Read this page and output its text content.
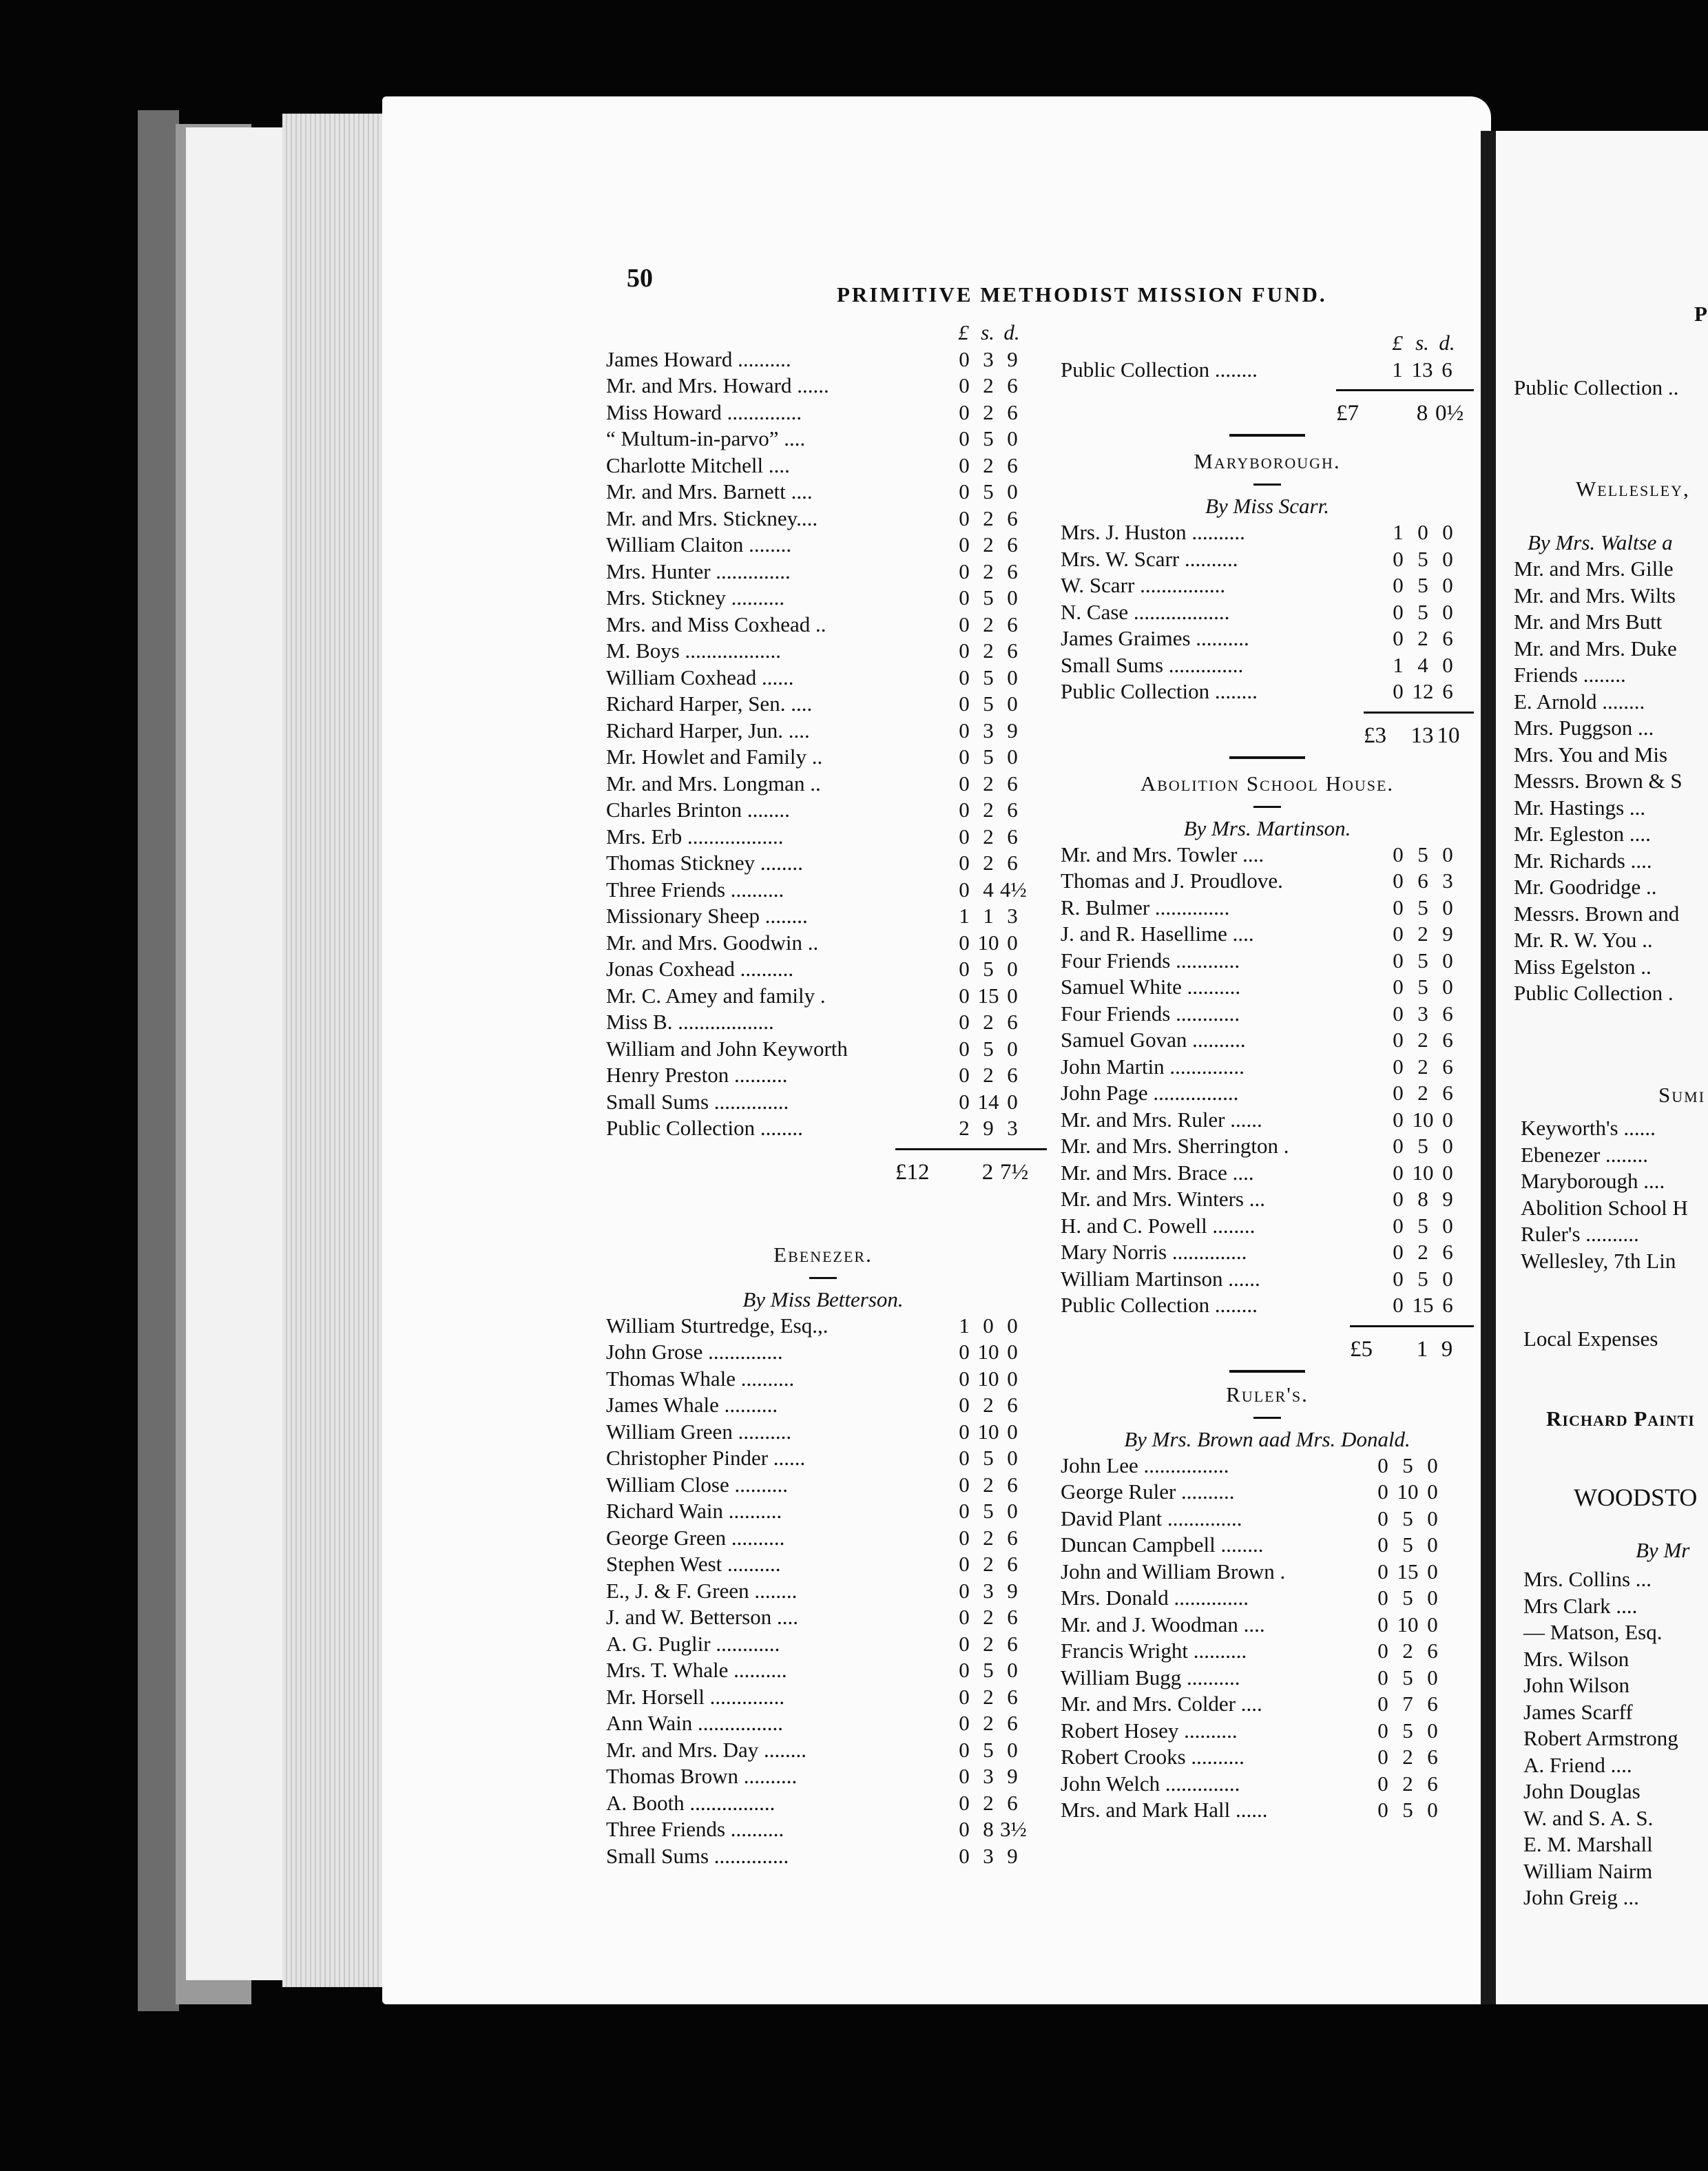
50
PRIMITIVE METHODIST MISSION FUND.
£ s. d.
James Howard ..........	0 3 9
Mr. and Mrs. Howard ......	0 2 6
Miss Howard ..............	0 2 6
“ Multum-in-parvo” ....	0 5 0
Charlotte Mitchell ....	0 2 6
Mr. and Mrs. Barnett ....	0 5 0
Mr. and Mrs. Stickney....	0 2 6
William Claiton ........	0 2 6
Mrs. Hunter ..............	0 2 6
Mrs. Stickney ..........	0 5 0
Mrs. and Miss Coxhead ..	0 2 6
M. Boys ..................	0 2 6
William Coxhead ......	0 5 0
Richard Harper, Sen. ....	0 5 0
Richard Harper, Jun. ....	0 3 9
Mr. Howlet and Family ..	0 5 0
Mr. and Mrs. Longman ..	0 2 6
Charles Brinton ........	0 2 6
Mrs. Erb ..................	0 2 6
Thomas Stickney ........	0 2 6
Three Friends ..........	0 4 4½
Missionary Sheep ........	1 1 3
Mr. and Mrs. Goodwin ..	0 10 0
Jonas Coxhead ..........	0 5 0
Mr. C. Amey and family .	0 15 0
Miss B. ..................	0 2 6
William and John Keyworth	0 5 0
Henry Preston ..........	0 2 6
Small Sums ..............	0 14 0
Public Collection ........	2 9 3
£12 2 7½
Ebenezer.
By Miss Betterson.
William Sturtredge, Esq.,.	1 0 0
John Grose ..............	0 10 0
Thomas Whale ..........	0 10 0
James Whale ..........	0 2 6
William Green ..........	0 10 0
Christopher Pinder ......	0 5 0
William Close ..........	0 2 6
Richard Wain ..........	0 5 0
George Green ..........	0 2 6
Stephen West ..........	0 2 6
E., J. & F. Green ........	0 3 9
J. and W. Betterson ....	0 2 6
A. G. Puglir ............	0 2 6
Mrs. T. Whale ..........	0 5 0
Mr. Horsell ..............	0 2 6
Ann Wain ................	0 2 6
Mr. and Mrs. Day ........	0 5 0
Thomas Brown ..........	0 3 9
A. Booth ................	0 2 6
Three Friends ..........	0 8 3½
Small Sums ..............	0 3 9
£ s. d.
Public Collection ........	1 13 6
£7	8 0½
Maryborough.
By Miss Scarr.
Mrs. J. Huston ..........	1 0 0
Mrs. W. Scarr ..........	0 5 0
W. Scarr ................	0 5 0
N. Case ..................	0 5 0
James Graimes ..........	0 2 6
Small Sums ..............	1 4 0
Public Collection ........	0 12 6
£3 13 10
Abolition School House.
By Mrs. Martinson.
Mr. and Mrs. Towler ....	0 5 0
Thomas and J. Proudlove.	0 6 3
R. Bulmer ..............	0 5 0
J. and R. Hasellime ....	0 2 9
Four Friends ............	0 5 0
Samuel White ..........	0 5 0
Four Friends ............	0 3 6
Samuel Govan ..........	0 2 6
John Martin ..............	0 2 6
John Page ................	0 2 6
Mr. and Mrs. Ruler ......	0 10 0
Mr. and Mrs. Sherrington .	0 5 0
Mr. and Mrs. Brace ....	0 10 0
Mr. and Mrs. Winters ...	0 8 9
H. and C. Powell ........	0 5 0
Mary Norris ..............	0 2 6
William Martinson ......	0 5 0
Public Collection ........	0 15 6
£5 1 9
Ruler's.
By Mrs. Brown aad Mrs. Donald.
John Lee ................	0 5 0
George Ruler ..........	0 10 0
David Plant ..............	0 5 0
Duncan Campbell ........	0 5 0
John and William Brown .	0 15 0
Mrs. Donald ..............	0 5 0
Mr. and J. Woodman ....	0 10 0
Francis Wright ..........	0 2 6
William Bugg ..........	0 5 0
Mr. and Mrs. Colder ....	0 7 6
Robert Hosey ..........	0 5 0
Robert Crooks ..........	0 2 6
John Welch ..............	0 2 6
Mrs. and Mark Hall ......	0 5 0
P
Public Collection ..
Wellesley,
By Mrs. Waltse a
Mr. and Mrs. Gille
Mr. and Mrs. Wilts
Mr. and Mrs Butt
Mr. and Mrs. Duke
Friends ........
E. Arnold ........
Mrs. Puggson ...
Mrs. You and Mis
Messrs. Brown & S
Mr. Hastings ...
Mr. Egleston ....
Mr. Richards ....
Mr. Goodridge ..
Messrs. Brown and
Mr. R. W. You ..
Miss Egelston ..
Public Collection .
Sumi
Keyworth's ......
Ebenezer ........
Maryborough ....
Abolition School H
Ruler's ..........
Wellesley, 7th Lin
Local Expenses
Richard Painti
WOODSTO
By Mr
Mrs. Collins ...
Mrs Clark ....
— Matson, Esq.
Mrs. Wilson
John Wilson
James Scarff
Robert Armstrong
A. Friend ....
John Douglas
W. and S. A. S.
E. M. Marshall
William Nairm
John Greig ...
